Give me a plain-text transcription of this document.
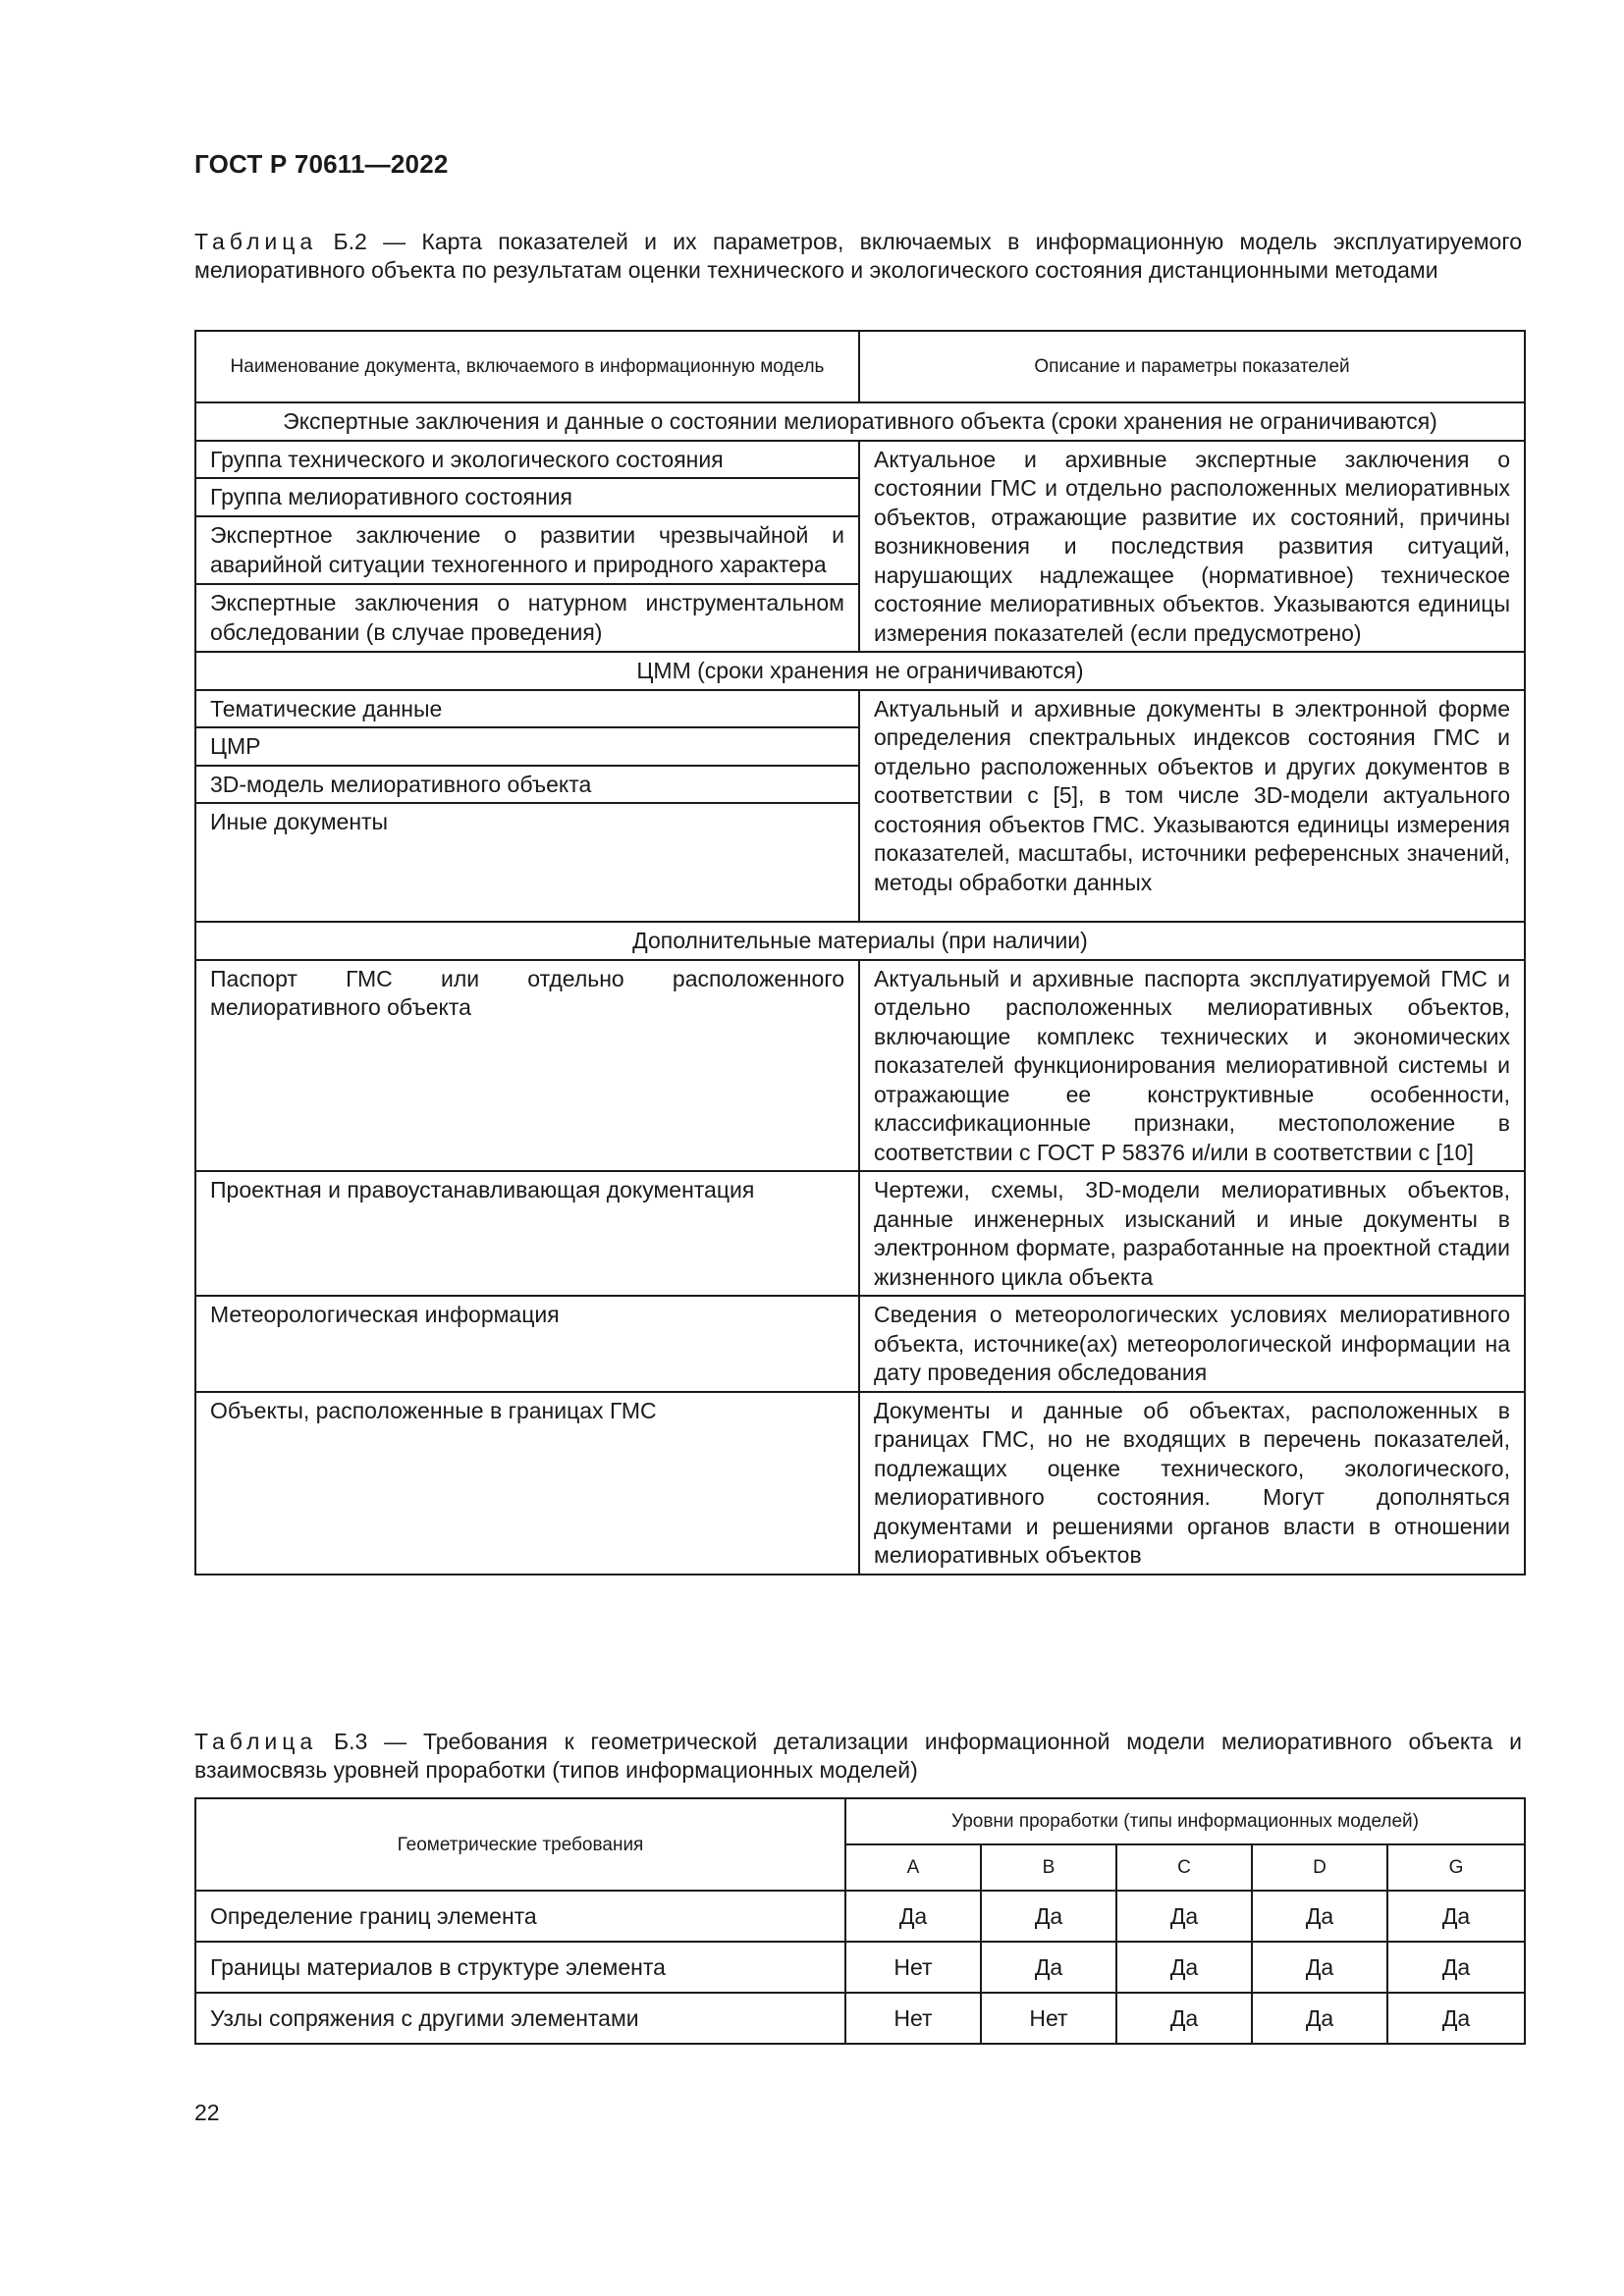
ГОСТ Р 70611—2022
Таблица Б.2 — Карта показателей и их параметров, включаемых в информационную модель эксплуатируемого мелиоративного объекта по результатам оценки технического и экологического состояния дистанционными методами
Наименование документа, включаемого в информационную модель	Описание и параметры показателей
Экспертные заключения и данные о состоянии мелиоративного объекта (сроки хранения не ограничиваются)	
Группа технического и экологического состояния	Актуальное и архивные экспертные заключения о состоянии ГМС и отдельно расположенных мелиоративных объектов, отражающие развитие их состояний, причины возникновения и последствия развития ситуаций, нарушающих надлежащее (нормативное) техническое состояние мелиоративных объектов. Указываются единицы измерения показателей (если предусмотрено)
Группа мелиоративного состояния	
Экспертное заключение о развитии чрезвычайной и аварийной ситуации техногенного и природного характера	
Экспертные заключения о натурном инструментальном обследовании (в случае проведения)	
ЦММ (сроки хранения не ограничиваются)	
Тематические данные	Актуальный и архивные документы в электронной форме определения спектральных индексов состояния ГМС и отдельно расположенных объектов и других документов в соответствии с [5], в том числе 3D-модели актуального состояния объектов ГМС. Указываются единицы измерения показателей, масштабы, источники референсных значений, методы обработки данных
ЦМР	
3D-модель мелиоративного объекта	
Иные документы	
Дополнительные материалы (при наличии)	
Паспорт ГМС или отдельно расположенного мелиоративного объекта	Актуальный и архивные паспорта эксплуатируемой ГМС и отдельно расположенных мелиоративных объектов, включающие комплекс технических и экономических показателей функционирования мелиоративной системы и отражающие ее конструктивные особенности, классификационные признаки, местоположение в соответствии с ГОСТ Р 58376 и/или в соответствии с [10]
Проектная и правоустанавливающая документация	Чертежи, схемы, 3D-модели мелиоративных объектов, данные инженерных изысканий и иные документы в электронном формате, разработанные на проектной стадии жизненного цикла объекта
Метеорологическая информация	Сведения о метеорологических условиях мелиоративного объекта, источнике(ах) метеорологической информации на дату проведения обследования
Объекты, расположенные в границах ГМС	Документы и данные об объектах, расположенных в границах ГМС, но не входящих в перечень показателей, подлежащих оценке технического, экологического, мелиоративного состояния. Могут дополняться документами и решениями органов власти в отношении мелиоративных объектов
Таблица Б.3 — Требования к геометрической детализации информационной модели мелиоративного объекта и взаимосвязь уровней проработки (типов информационных моделей)
Геометрические требования	Уровни проработки (типы информационных моделей)				
	A	B	C	D	G
Определение границ элемента	Да	Да	Да	Да	Да
Границы материалов в структуре элемента	Нет	Да	Да	Да	Да
Узлы сопряжения с другими элементами	Нет	Нет	Да	Да	Да
22
